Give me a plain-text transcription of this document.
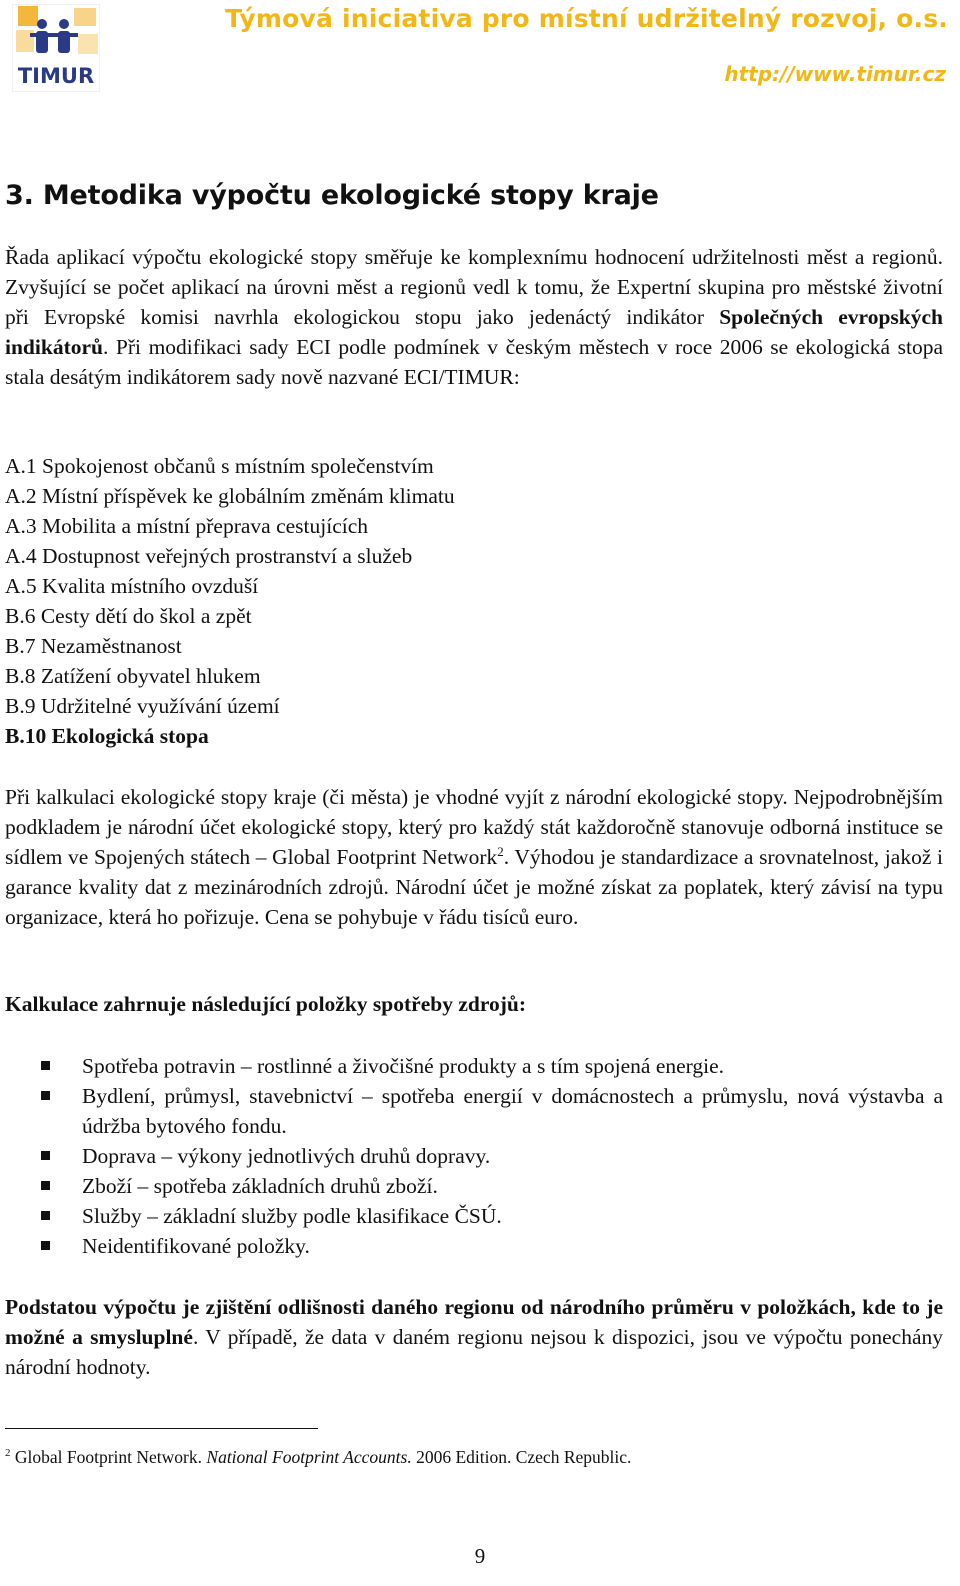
TIMUR
Týmová iniciativa pro místní udržitelný rozvoj, o.s.
http://www.timur.cz
3. Metodika výpočtu ekologické stopy kraje

Řada aplikací výpočtu ekologické stopy směřuje ke komplexnímu hodnocení udržitelnosti měst a regionů. Zvyšující se počet aplikací na úrovni měst a regionů vedl k tomu, že Expertní skupina pro městské životní při Evropské komisi navrhla ekologickou stopu jako jedenáctý indikátor Společných evropských indikátorů. Při modifikaci sady ECI podle podmínek v českým městech v roce 2006 se ekologická stopa stala desátým indikátorem sady nově nazvané ECI/TIMUR:

A.1 Spokojenost občanů s místním společenstvím
A.2 Místní příspěvek ke globálním změnám klimatu
A.3 Mobilita a místní přeprava cestujících
A.4 Dostupnost veřejných prostranství a služeb
A.5 Kvalita místního ovzduší
B.6 Cesty dětí do škol a zpět
B.7 Nezaměstnanost
B.8 Zatížení obyvatel hlukem
B.9 Udržitelné využívání území
B.10 Ekologická stopa

Při kalkulaci ekologické stopy kraje (či města) je vhodné vyjít z národní ekologické stopy. Nejpodrobnějším podkladem je národní účet ekologické stopy, který pro každý stát každoročně stanovuje odborná instituce se sídlem ve Spojených státech – Global Footprint Network$^2$. Výhodou je standardizace a srovnatelnost, jakož i garance kvality dat z mezinárodních zdrojů. Národní účet je možné získat za poplatek, který závisí na typu organizace, která ho pořizuje. Cena se pohybuje v řádu tisíců euro.

Kalkulace zahrnuje následující položky spotřeby zdrojů:
Spotřeba potravin – rostlinné a živočišné produkty a s tím spojená energie.
Bydlení, průmysl, stavebnictví – spotřeba energií v domácnostech a průmyslu, nová výstavba a údržba bytového fondu.
Doprava – výkony jednotlivých druhů dopravy.
Zboží – spotřeba základních druhů zboží.
Služby – základní služby podle klasifikace ČSÚ.
Neidentifikované položky.

Podstatou výpočtu je zjištění odlišnosti daného regionu od národního průměru v položkách, kde to je možné a smysluplné. V případě, že data v daném regionu nejsou k dispozici, jsou ve výpočtu ponechány národní hodnoty.

$^2$ Global Footprint Network. National Footprint Accounts. 2006 Edition. Czech Republic.
9
